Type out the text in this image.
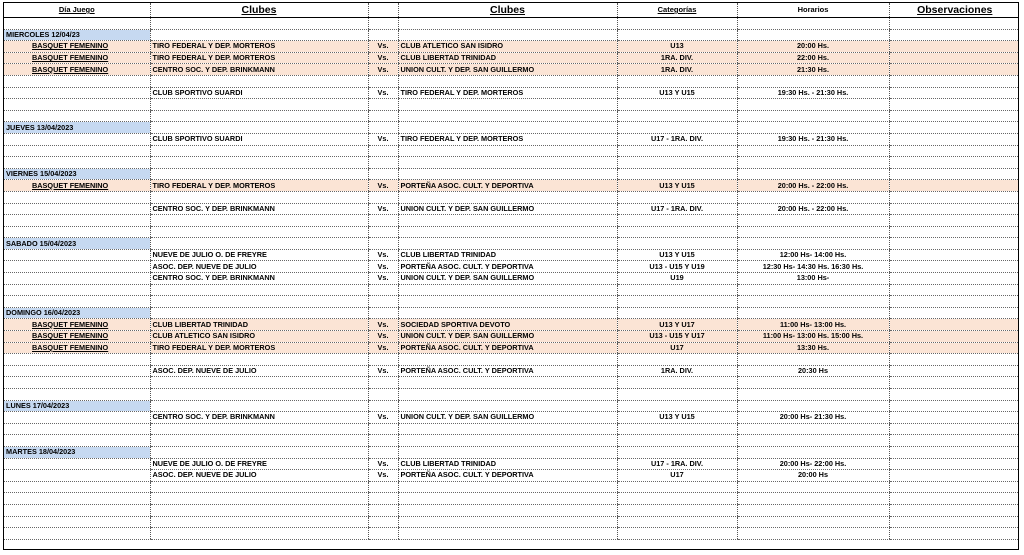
Día Juego	Clubes		Clubes	Categorías	Horarios	Observaciones

MIERCOLES 12/04/23						
BASQUET FEMENINO	TIRO FEDERAL Y DEP. MORTEROS	Vs.	CLUB ATLETICO SAN ISIDRO	U13	20:00 Hs.	
BASQUET FEMENINO	TIRO FEDERAL Y DEP. MORTEROS	Vs.	CLUB LIBERTAD TRINIDAD	1RA. DIV.	22:00 Hs.	
BASQUET FEMENINO	CENTRO SOC. Y DEP. BRINKMANN	Vs.	UNION CULT. Y DEP. SAN GUILLERMO	1RA. DIV.	21:30 Hs.	

	CLUB SPORTIVO SUARDI	Vs.	TIRO FEDERAL Y DEP. MORTEROS	U13 Y U15	19:30 Hs. - 21:30 Hs.	

JUEVES 13/04/2023						
	CLUB SPORTIVO SUARDI	Vs.	TIRO FEDERAL Y DEP. MORTEROS	U17 - 1RA. DIV.	19:30 Hs. - 21:30 Hs.	

VIERNES 15/04/2023						
BASQUET FEMENINO	TIRO FEDERAL Y DEP. MORTEROS	Vs.	PORTEÑA ASOC. CULT. Y DEPORTIVA	U13 Y U15	20:00 Hs. - 22:00 Hs.	

	CENTRO SOC. Y DEP. BRINKMANN	Vs.	UNION CULT. Y DEP. SAN GUILLERMO	U17 - 1RA. DIV.	20:00 Hs. - 22:00 Hs.	

SABADO 15/04/2023						
	NUEVE DE JULIO O. DE FREYRE	Vs.	CLUB LIBERTAD TRINIDAD	U13 Y U15	12:00 Hs- 14:00 Hs.	
	ASOC. DEP. NUEVE DE JULIO	Vs.	PORTEÑA ASOC. CULT. Y DEPORTIVA	U13 - U15 Y U19	12:30 Hs- 14:30 Hs. 16:30 Hs.	
	CENTRO SOC. Y DEP. BRINKMANN	Vs.	UNION CULT. Y DEP. SAN GUILLERMO	U19	13:00 Hs-	

DOMINGO 16/04/2023						
BASQUET FEMENINO	CLUB LIBERTAD TRINIDAD	Vs.	SOCIEDAD SPORTIVA DEVOTO	U13 Y U17	11:00 Hs- 13:00 Hs.	
BASQUET FEMENINO	CLUB ATLETICO SAN ISIDRO	Vs.	UNION CULT. Y DEP. SAN GUILLERMO	U13 - U15 Y U17	11:00 Hs- 13:00 Hs. 15:00 Hs.	
BASQUET FEMENINO	TIRO FEDERAL Y DEP. MORTEROS	Vs.	PORTEÑA ASOC. CULT. Y DEPORTIVA	U17	13:30 Hs.	

	ASOC. DEP. NUEVE DE JULIO	Vs.	PORTEÑA ASOC. CULT. Y DEPORTIVA	1RA. DIV.	20:30 Hs	

LUNES 17/04/2023						
	CENTRO SOC. Y DEP. BRINKMANN	Vs.	UNION CULT. Y DEP. SAN GUILLERMO	U13 Y U15	20:00 Hs- 21:30 Hs.	

MARTES 18/04/2023						
	NUEVE DE JULIO O. DE FREYRE	Vs.	CLUB LIBERTAD TRINIDAD	U17 - 1RA. DIV.	20:00 Hs- 22:00 Hs.	
	ASOC. DEP. NUEVE DE JULIO	Vs.	PORTEÑA ASOC. CULT. Y DEPORTIVA	U17	20:00 Hs	
